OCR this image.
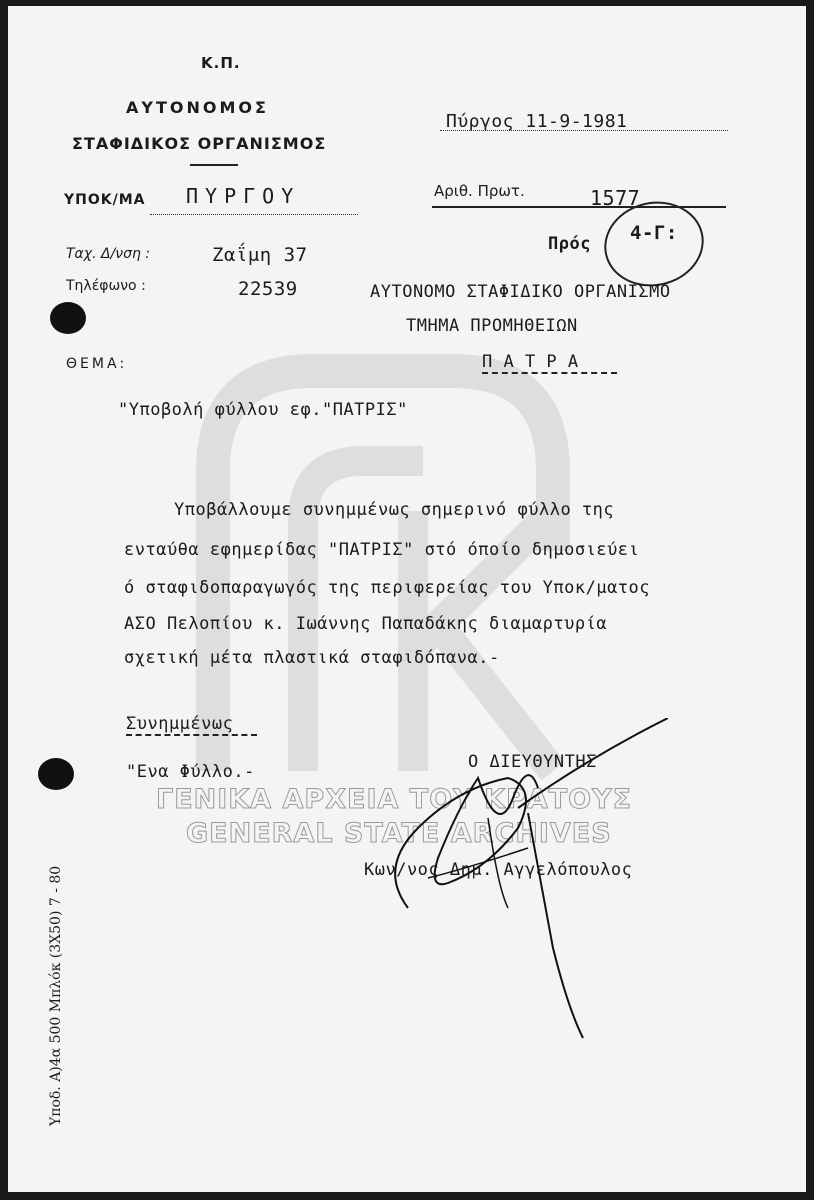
Κ.Π.
ΑΥΤΟΝΟΜΟΣ
ΣΤΑΦΙΔΙΚΟΣ ΟΡΓΑΝΙΣΜΟΣ
ΥΠΟΚ/ΜΑ ΠΥΡΓΟΥ
Πύργος 11-9-1981
Αριθ. Πρωτ.	1577
Πρός 4-Γ:
Ταχ. Δ/νση :	Ζαΐμη 37
Τηλέφωνο :	22539	ΑΥΤΟΝΟΜΟ ΣΤΑΦΙΔΙΚΟ ΟΡΓΑΝΙΣΜΟ
ΤΜΗΜΑ ΠΡΟΜΗΘΕΙΩΝ
Π Α Τ Ρ Α
ΘΕΜΑ:
"Υποβολή φύλλου εφ."ΠΑΤΡΙΣ"
Υποβάλλουμε συνημμένως σημερινό φύλλο της
ενταύθα εφημερίδας "ΠΑΤΡΙΣ" στό όποίο δημοσιεύει
ό σταφιδοπαραγωγός της περιφερείας του Υποκ/ματος
ΑΣΟ Πελοπίου κ. Ιωάννης Παπαδάκης διαμαρτυρία
σχετική μέτα πλαστικά σταφιδόπανα.-
Συνημμένως
"Ενα Φύλλο.-
ΓΕΝΙΚΑ ΑΡΧΕΙΑ ΤΟΥ ΚΡΑΤΟΥΣ
GENERAL STATE ARCHIVES
Ο ΔΙΕΥΘΥΝΤΗΣ
Κων/νος Δημ. Αγγελόπουλος
Υποδ. Α)4α 500 Μπλόκ (3Χ50) 7 - 80
